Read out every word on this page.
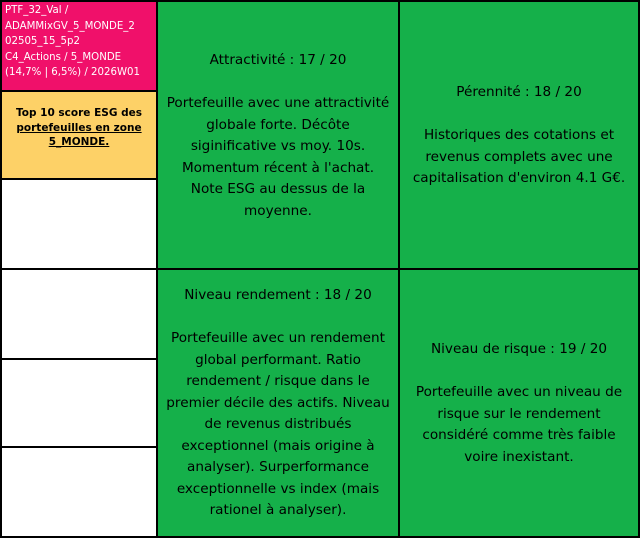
PTF_32_Val /
ADAMMixGV_5_MONDE_2
02505_15_5p2
C4_Actions / 5_MONDE
(14,7% | 6,5%) / 2026W01
Top 10 score ESG des
portefeuilles en zone
5_MONDE.
Attractivité : 17 / 20
Portefeuille avec une attractivité
globale forte. Décôte
siginificative vs moy. 10s.
Momentum récent à l'achat.
Note ESG au dessus de la
moyenne.
Pérennité : 18 / 20
Historiques des cotations et
revenus complets avec une
capitalisation d'environ 4.1 G€.
Niveau rendement : 18 / 20
Portefeuille avec un rendement
global performant. Ratio
rendement / risque dans le
premier décile des actifs. Niveau
de revenus distribués
exceptionnel (mais origine à
analyser). Surperformance
exceptionnelle vs index (mais
rationel à analyser).
Niveau de risque : 19 / 20
Portefeuille avec un niveau de
risque sur le rendement
considéré comme très faible
voire inexistant.
